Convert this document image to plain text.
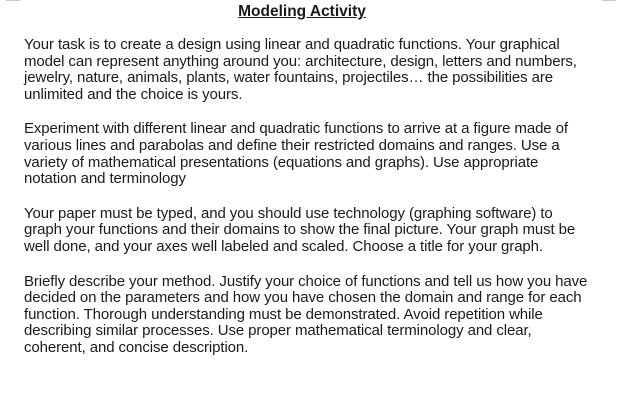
Modeling Activity

Your task is to create a design using linear and quadratic functions. Your graphical model can represent anything around you: architecture, design, letters and numbers, jewelry, nature, animals, plants, water fountains, projectiles… the possibilities are unlimited and the choice is yours.

Experiment with different linear and quadratic functions to arrive at a figure made of various lines and parabolas and define their restricted domains and ranges. Use a variety of mathematical presentations (equations and graphs). Use appropriate notation and terminology

Your paper must be typed, and you should use technology (graphing software) to graph your functions and their domains to show the final picture. Your graph must be well done, and your axes well labeled and scaled. Choose a title for your graph.

Briefly describe your method. Justify your choice of functions and tell us how you have decided on the parameters and how you have chosen the domain and range for each function. Thorough understanding must be demonstrated. Avoid repetition while describing similar processes. Use proper mathematical terminology and clear, coherent, and concise description.
